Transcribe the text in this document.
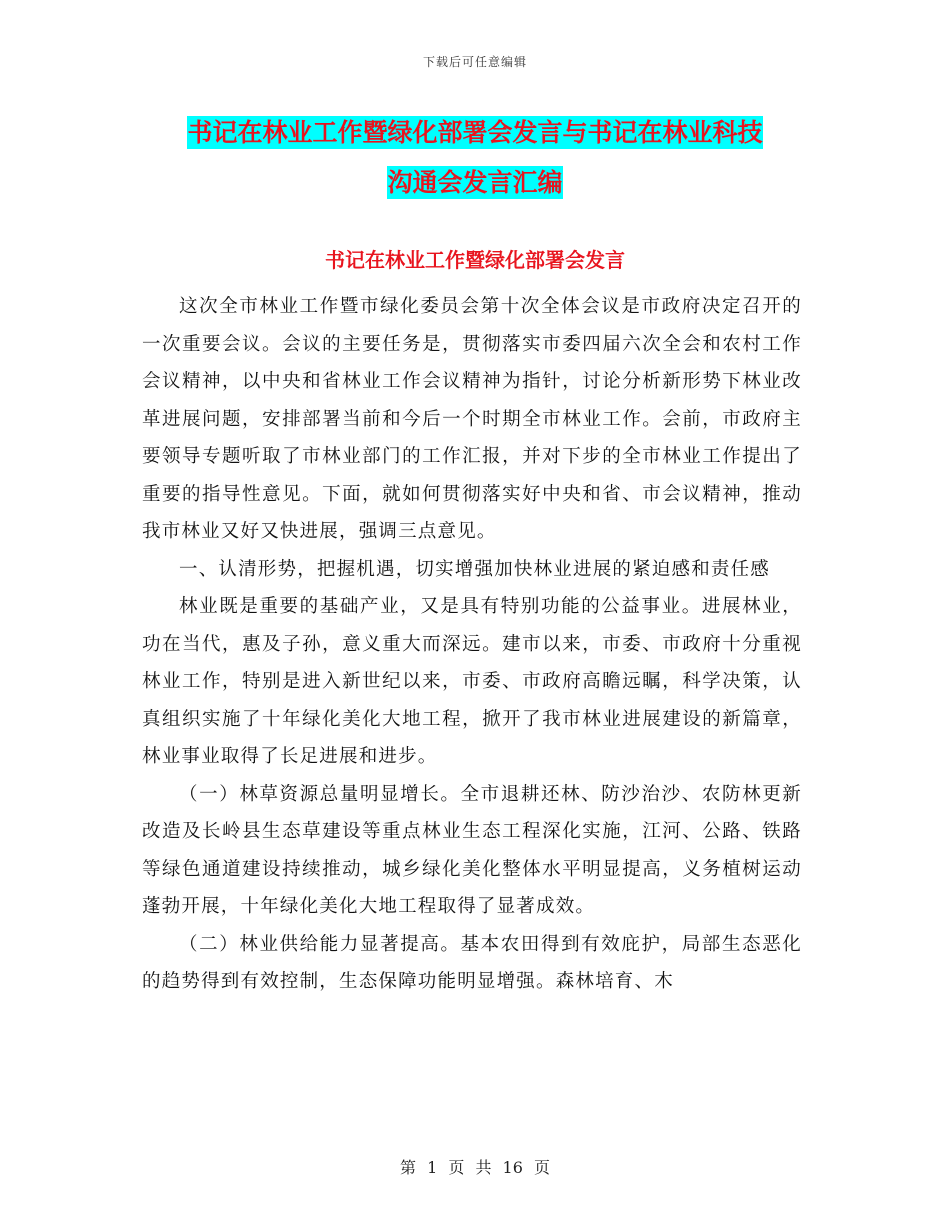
下载后可任意编辑
书记在林业工作暨绿化部署会发言与书记在林业科技
沟通会发言汇编
书记在林业工作暨绿化部署会发言

这次全市林业工作暨市绿化委员会第十次全体会议是市政府决定召开的一次重要会议。会议的主要任务是，贯彻落实市委四届六次全会和农村工作会议精神，以中央和省林业工作会议精神为指针，讨论分析新形势下林业改革进展问题，安排部署当前和今后一个时期全市林业工作。会前，市政府主要领导专题听取了市林业部门的工作汇报，并对下步的全市林业工作提出了重要的指导性意见。下面，就如何贯彻落实好中央和省、市会议精神，推动我市林业又好又快进展，强调三点意见。

一、认清形势，把握机遇，切实增强加快林业进展的紧迫感和责任感

林业既是重要的基础产业，又是具有特别功能的公益事业。进展林业，功在当代，惠及子孙，意义重大而深远。建市以来，市委、市政府十分重视林业工作，特别是进入新世纪以来，市委、市政府高瞻远瞩，科学决策，认真组织实施了十年绿化美化大地工程，掀开了我市林业进展建设的新篇章，林业事业取得了长足进展和进步。

（一）林草资源总量明显增长。全市退耕还林、防沙治沙、农防林更新改造及长岭县生态草建设等重点林业生态工程深化实施，江河、公路、铁路等绿色通道建设持续推动，城乡绿化美化整体水平明显提高，义务植树运动蓬勃开展，十年绿化美化大地工程取得了显著成效。

（二）林业供给能力显著提高。基本农田得到有效庇护，局部生态恶化的趋势得到有效控制，生态保障功能明显增强。森林培育、木

第 1 页 共 16 页
